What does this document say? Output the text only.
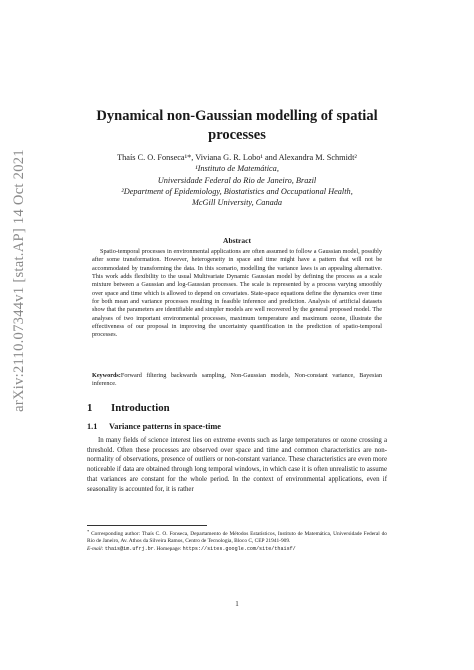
arXiv:2110.07344v1 [stat.AP] 14 Oct 2021
Dynamical non-Gaussian modelling of spatial
processes
Thaís C. O. Fonseca¹*, Viviana G. R. Lobo¹ and Alexandra M. Schmidt²
¹Instituto de Matemática,
Universidade Federal do Rio de Janeiro, Brazil
²Department of Epidemiology, Biostatistics and Occupational Health,
McGill University, Canada
Abstract
Spatio-temporal processes in environmental applications are often assumed to follow a Gaussian model, possibly after some transformation. However, heterogeneity in space and time might have a pattern that will not be accommodated by transforming the data. In this scenario, modelling the variance laws is an appealing alternative. This work adds flexibility to the usual Multivariate Dynamic Gaussian model by defining the process as a scale mixture between a Gaussian and log-Gaussian processes. The scale is represented by a process varying smoothly over space and time which is allowed to depend on covariates. State-space equations define the dynamics over time for both mean and variance processes resulting in feasible inference and prediction. Analysis of artificial datasets show that the parameters are identifiable and simpler models are well recovered by the general proposed model. The analyses of two important environmental processes, maximum temperature and maximum ozone, illustrate the effectiveness of our proposal in improving the uncertainty quantification in the prediction of spatio-temporal processes.
Keywords:Forward filtering backwards sampling, Non-Gaussian models, Non-constant variance, Bayesian inference.
1 Introduction
1.1 Variance patterns in space-time
In many fields of science interest lies on extreme events such as large temperatures or ozone crossing a threshold. Often these processes are observed over space and time and common characteristics are non-normality of observations, presence of outliers or non-constant variance. These characteristics are even more noticeable if data are obtained through long temporal windows, in which case it is often unrealistic to assume that variances are constant for the whole period. In the context of environmental applications, even if seasonality is accounted for, it is rather
* Corresponding author: Thaís C. O. Fonseca, Departamento de Métodos Estatísticos, Instituto de Matemática, Universidade Federal do Rio de Janeiro, Av. Athos da Silveira Ramos, Centro de Tecnologia, Bloco C, CEP 21941-909.
E-mail: thais@im.ufrj.br. Homepage: https://sites.google.com/site/thaisf/
1
